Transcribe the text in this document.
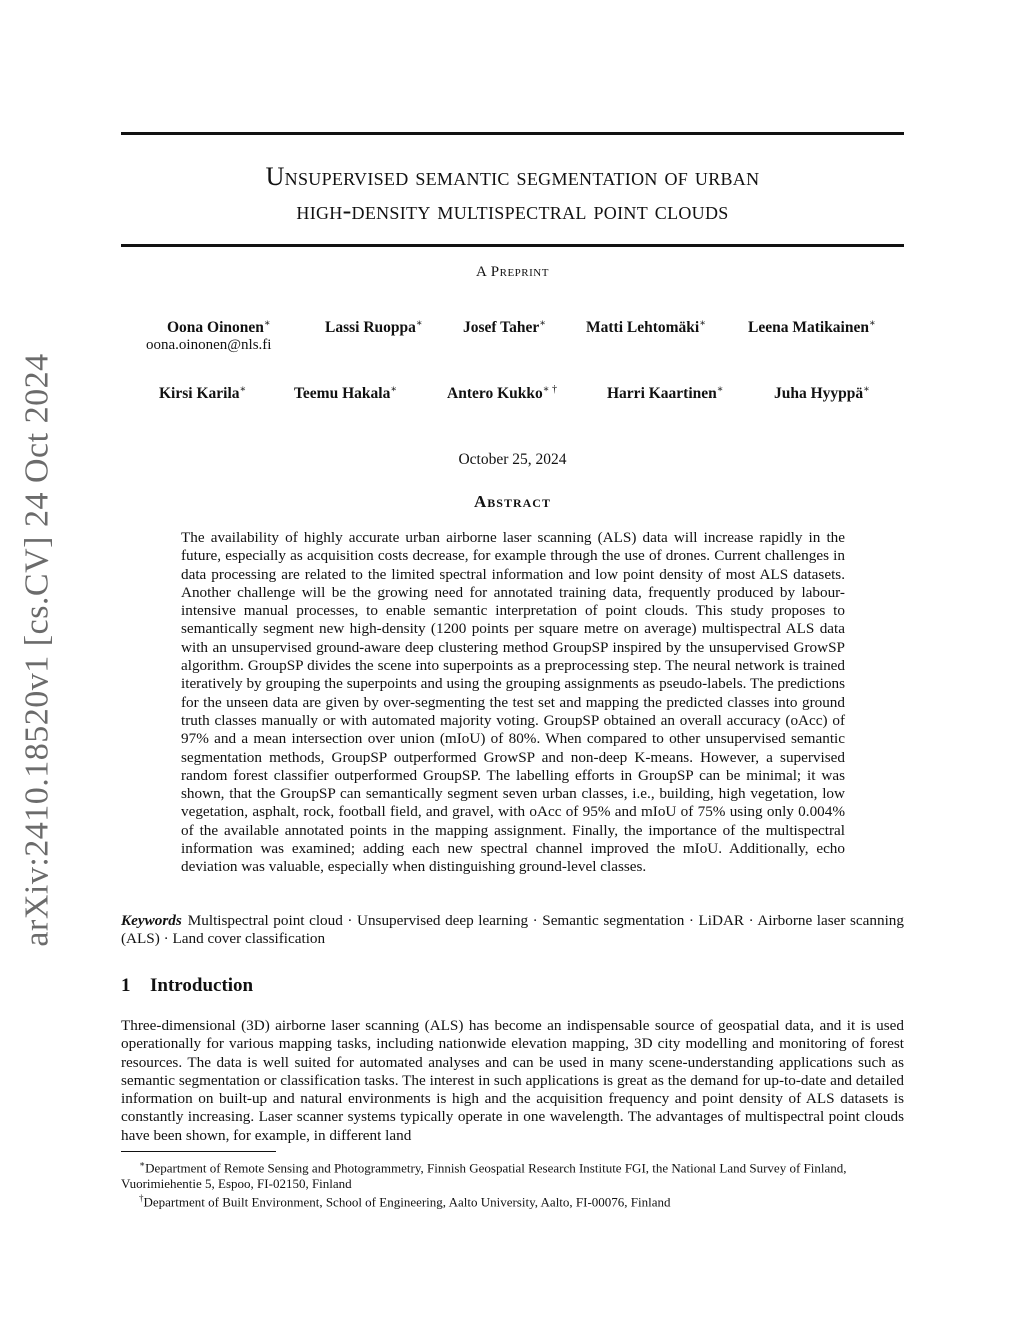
arXiv:2410.18520v1 [cs.CV] 24 Oct 2024
Unsupervised semantic segmentation of urban
high-density multispectral point clouds
A Preprint
Oona Oinonen∗	Lassi Ruoppa∗	Josef Taher∗	Matti Lehtomäki∗	Leena Matikainen∗
oona.oinonen@nls.fi
Kirsi Karila∗	Teemu Hakala∗	Antero Kukko∗ †	Harri Kaartinen∗	Juha Hyyppä∗
October 25, 2024
Abstract
The availability of highly accurate urban airborne laser scanning (ALS) data will increase rapidly in the future, especially as acquisition costs decrease, for example through the use of drones. Current challenges in data processing are related to the limited spectral information and low point density of most ALS datasets. Another challenge will be the growing need for annotated training data, frequently produced by labour-intensive manual processes, to enable semantic interpretation of point clouds. This study proposes to semantically segment new high-density (1200 points per square metre on average) multispectral ALS data with an unsupervised ground-aware deep clustering method GroupSP inspired by the unsupervised GrowSP algorithm. GroupSP divides the scene into superpoints as a preprocessing step. The neural network is trained iteratively by grouping the superpoints and using the grouping assignments as pseudo-labels. The predictions for the unseen data are given by over-segmenting the test set and mapping the predicted classes into ground truth classes manually or with automated majority voting. GroupSP obtained an overall accuracy (oAcc) of 97% and a mean intersection over union (mIoU) of 80%. When compared to other unsupervised semantic segmentation methods, GroupSP outperformed GrowSP and non-deep K-means. However, a supervised random forest classifier outperformed GroupSP. The labelling efforts in GroupSP can be minimal; it was shown, that the GroupSP can semantically segment seven urban classes, i.e., building, high vegetation, low vegetation, asphalt, rock, football field, and gravel, with oAcc of 95% and mIoU of 75% using only 0.004% of the available annotated points in the mapping assignment. Finally, the importance of the multispectral information was examined; adding each new spectral channel improved the mIoU. Additionally, echo deviation was valuable, especially when distinguishing ground-level classes.
Keywords Multispectral point cloud · Unsupervised deep learning · Semantic segmentation · LiDAR · Airborne laser scanning (ALS) · Land cover classification
1 Introduction
Three-dimensional (3D) airborne laser scanning (ALS) has become an indispensable source of geospatial data, and it is used operationally for various mapping tasks, including nationwide elevation mapping, 3D city modelling and monitoring of forest resources. The data is well suited for automated analyses and can be used in many scene-understanding applications such as semantic segmentation or classification tasks. The interest in such applications is great as the demand for up-to-date and detailed information on built-up and natural environments is high and the acquisition frequency and point density of ALS datasets is constantly increasing. Laser scanner systems typically operate in one wavelength. The advantages of multispectral point clouds have been shown, for example, in different land
∗Department of Remote Sensing and Photogrammetry, Finnish Geospatial Research Institute FGI, the National Land Survey of Finland, Vuorimiehentie 5, Espoo, FI-02150, Finland
†Department of Built Environment, School of Engineering, Aalto University, Aalto, FI-00076, Finland
